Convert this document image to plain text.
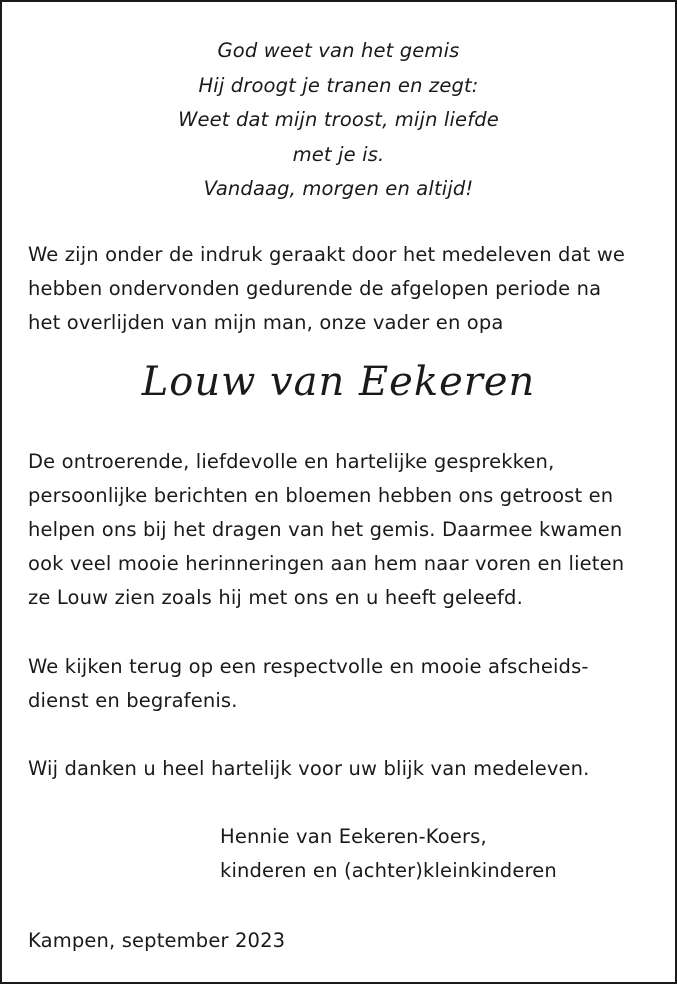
God weet van het gemis
Hij droogt je tranen en zegt:
Weet dat mijn troost, mijn liefde
met je is.
Vandaag, morgen en altijd!
We zijn onder de indruk geraakt door het medeleven dat we
hebben ondervonden gedurende de afgelopen periode na
het overlijden van mijn man, onze vader en opa
Louw van Eekeren
De ontroerende, liefdevolle en hartelijke gesprekken,
persoonlijke berichten en bloemen hebben ons getroost en
helpen ons bij het dragen van het gemis. Daarmee kwamen
ook veel mooie herinneringen aan hem naar voren en lieten
ze Louw zien zoals hij met ons en u heeft geleefd.
We kijken terug op een respectvolle en mooie afscheids-
dienst en begrafenis.
Wij danken u heel hartelijk voor uw blijk van medeleven.
Hennie van Eekeren-Koers,
kinderen en (achter)kleinkinderen
Kampen, september 2023
